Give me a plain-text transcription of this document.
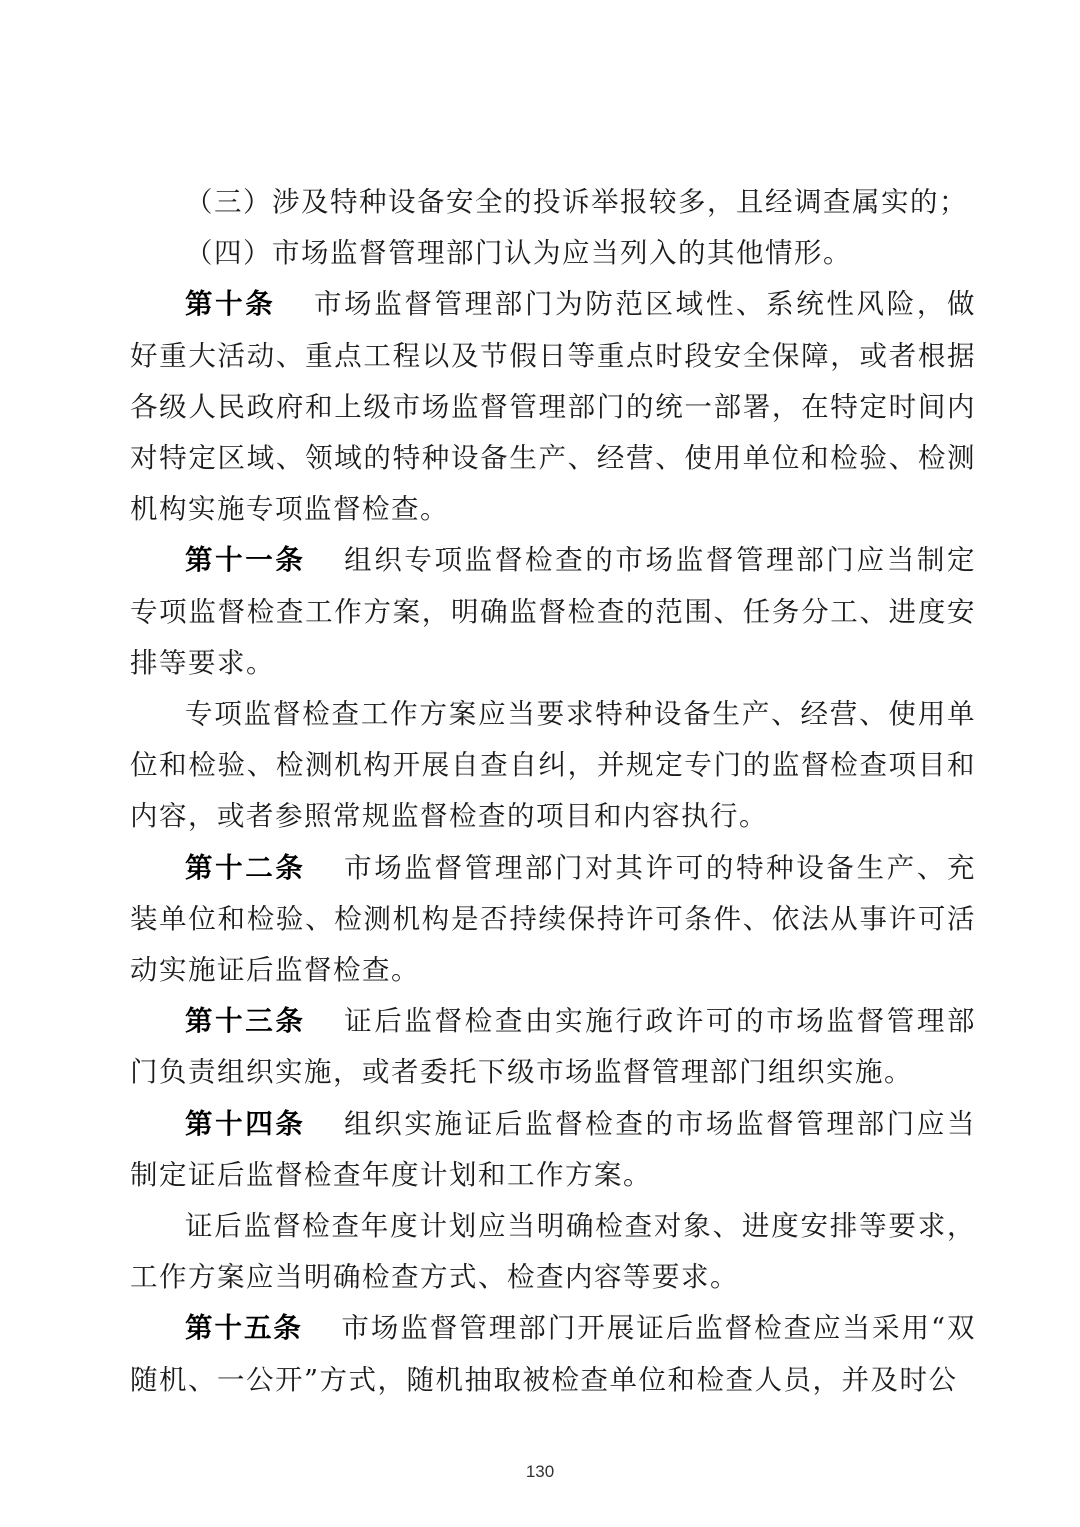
（三）涉及特种设备安全的投诉举报较多，且经调查属实的；

（四）市场监督管理部门认为应当列入的其他情形。

第十条 市场监督管理部门为防范区域性、系统性风险，做好重大活动、重点工程以及节假日等重点时段安全保障，或者根据各级人民政府和上级市场监督管理部门的统一部署，在特定时间内对特定区域、领域的特种设备生产、经营、使用单位和检验、检测机构实施专项监督检查。

第十一条 组织专项监督检查的市场监督管理部门应当制定专项监督检查工作方案，明确监督检查的范围、任务分工、进度安排等要求。

专项监督检查工作方案应当要求特种设备生产、经营、使用单位和检验、检测机构开展自查自纠，并规定专门的监督检查项目和内容，或者参照常规监督检查的项目和内容执行。

第十二条 市场监督管理部门对其许可的特种设备生产、充装单位和检验、检测机构是否持续保持许可条件、依法从事许可活动实施证后监督检查。

第十三条 证后监督检查由实施行政许可的市场监督管理部门负责组织实施，或者委托下级市场监督管理部门组织实施。

第十四条 组织实施证后监督检查的市场监督管理部门应当制定证后监督检查年度计划和工作方案。

证后监督检查年度计划应当明确检查对象、进度安排等要求，工作方案应当明确检查方式、检查内容等要求。

第十五条 市场监督管理部门开展证后监督检查应当采用“双随机、一公开”方式，随机抽取被检查单位和检查人员，并及时公

130
